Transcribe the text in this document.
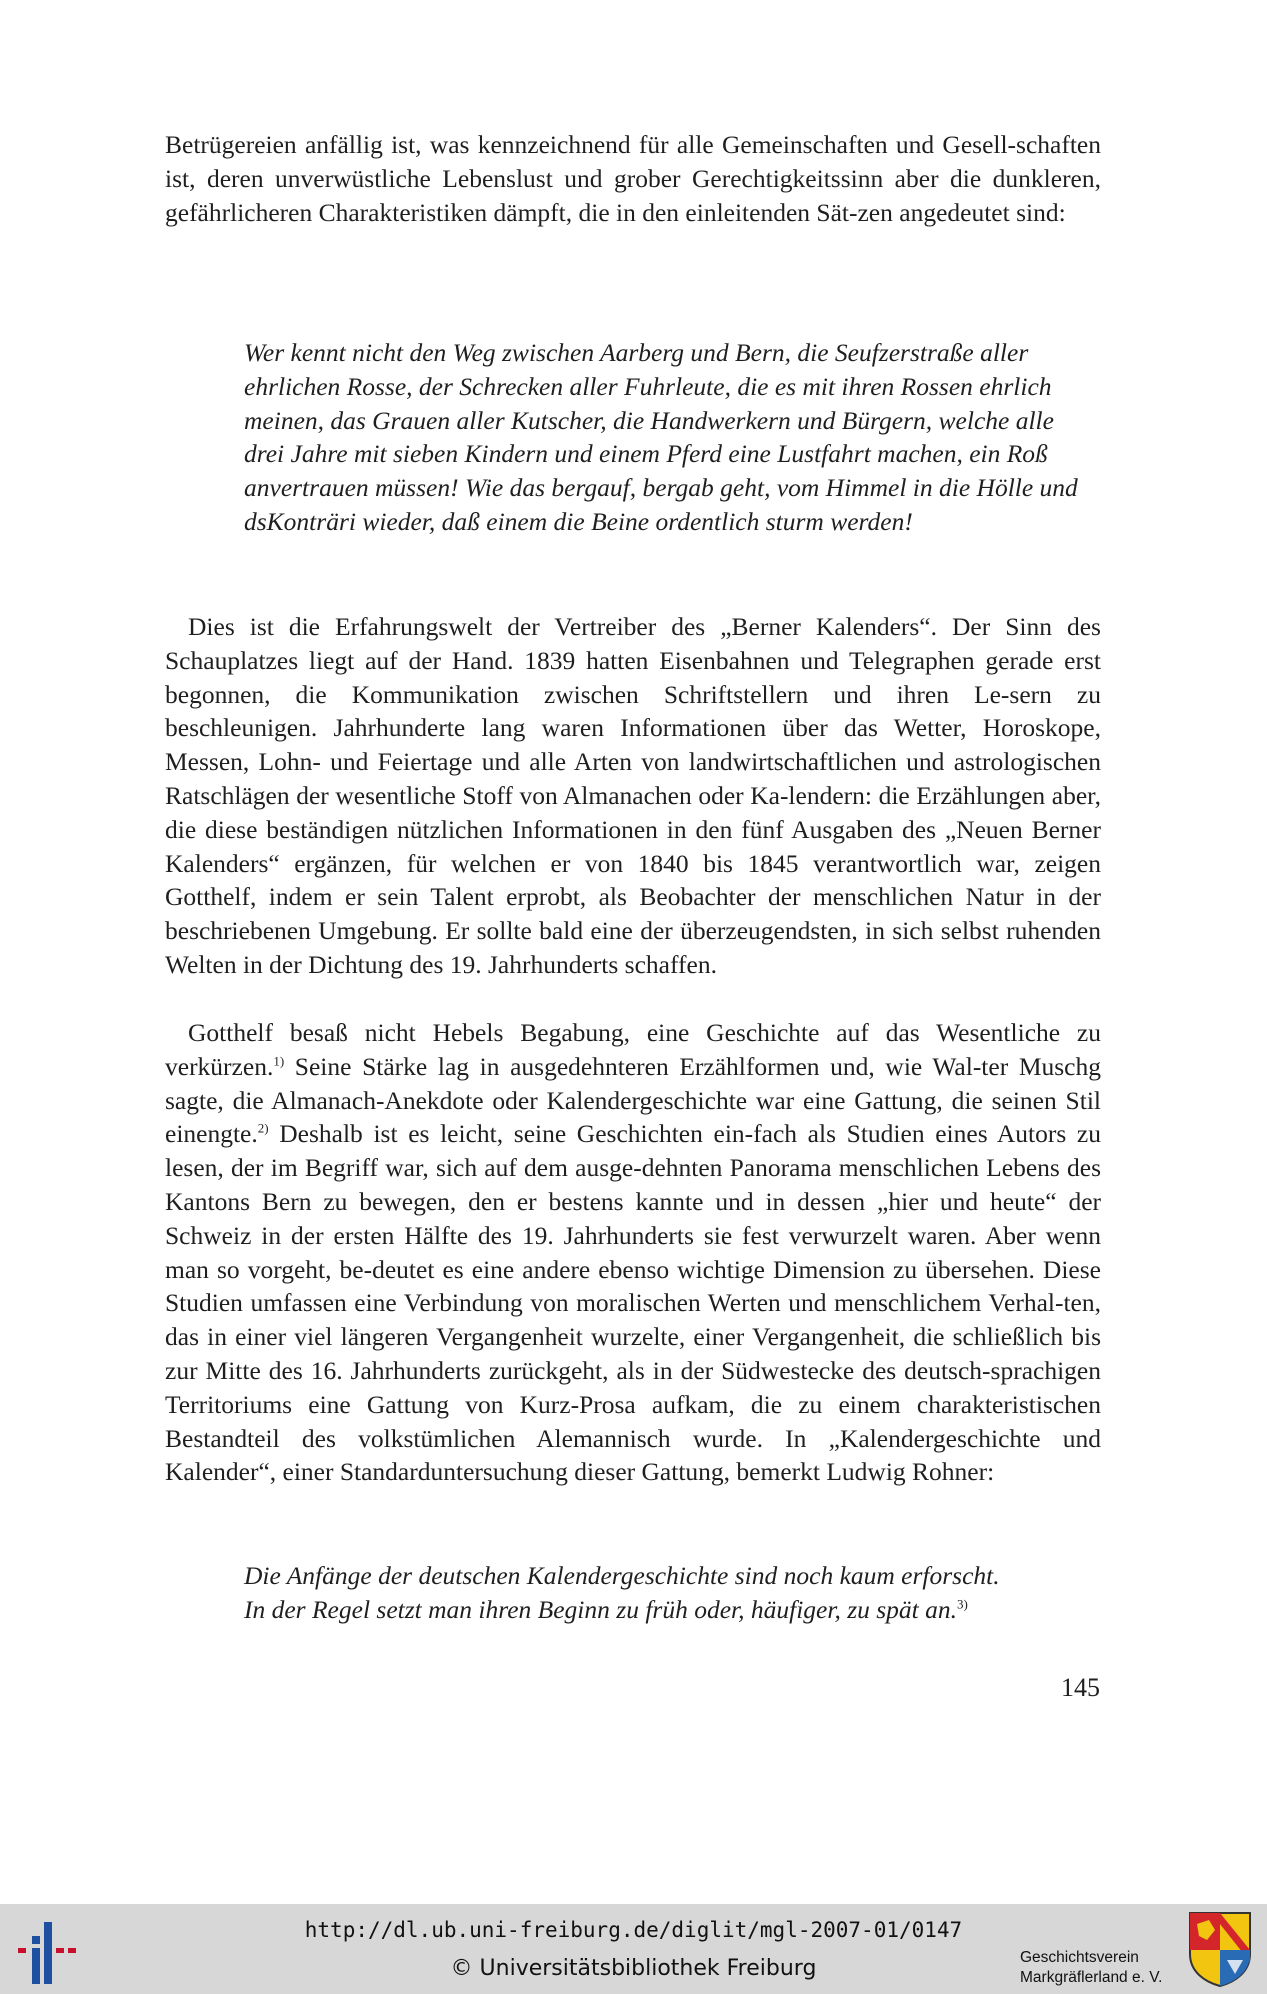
Betrügereien anfällig ist, was kennzeichnend für alle Gemeinschaften und Gesell-schaften ist, deren unverwüstliche Lebenslust und grober Gerechtigkeitssinn aber die dunkleren, gefährlicheren Charakteristiken dämpft, die in den einleitenden Sät-zen angedeutet sind:

Wer kennt nicht den Weg zwischen Aarberg und Bern, die Seufzerstraße aller ehrlichen Rosse, der Schrecken aller Fuhrleute, die es mit ihren Rossen ehrlich meinen, das Grauen aller Kutscher, die Handwerkern und Bürgern, welche alle drei Jahre mit sieben Kindern und einem Pferd eine Lustfahrt machen, ein Roß anvertrauen müssen! Wie das bergauf, bergab geht, vom Himmel in die Hölle und dsKonträri wieder, daß einem die Beine ordentlich sturm werden!

Dies ist die Erfahrungswelt der Vertreiber des „Berner Kalenders“. Der Sinn des Schauplatzes liegt auf der Hand. 1839 hatten Eisenbahnen und Telegraphen gerade erst begonnen, die Kommunikation zwischen Schriftstellern und ihren Le-sern zu beschleunigen. Jahrhunderte lang waren Informationen über das Wetter, Horoskope, Messen, Lohn- und Feiertage und alle Arten von landwirtschaftlichen und astrologischen Ratschlägen der wesentliche Stoff von Almanachen oder Ka-lendern: die Erzählungen aber, die diese beständigen nützlichen Informationen in den fünf Ausgaben des „Neuen Berner Kalenders“ ergänzen, für welchen er von 1840 bis 1845 verantwortlich war, zeigen Gotthelf, indem er sein Talent erprobt, als Beobachter der menschlichen Natur in der beschriebenen Umgebung. Er sollte bald eine der überzeugendsten, in sich selbst ruhenden Welten in der Dichtung des 19. Jahrhunderts schaffen.

Gotthelf besaß nicht Hebels Begabung, eine Geschichte auf das Wesentliche zu verkürzen.$^{1)}$ Seine Stärke lag in ausgedehnteren Erzählformen und, wie Wal-ter Muschg sagte, die Almanach-Anekdote oder Kalendergeschichte war eine Gattung, die seinen Stil einengte.$^{2)}$ Deshalb ist es leicht, seine Geschichten ein-fach als Studien eines Autors zu lesen, der im Begriff war, sich auf dem ausge-dehnten Panorama menschlichen Lebens des Kantons Bern zu bewegen, den er bestens kannte und in dessen „hier und heute“ der Schweiz in der ersten Hälfte des 19. Jahrhunderts sie fest verwurzelt waren. Aber wenn man so vorgeht, be-deutet es eine andere ebenso wichtige Dimension zu übersehen. Diese Studien umfassen eine Verbindung von moralischen Werten und menschlichem Verhal-ten, das in einer viel längeren Vergangenheit wurzelte, einer Vergangenheit, die schließlich bis zur Mitte des 16. Jahrhunderts zurückgeht, als in der Südwestecke des deutsch-sprachigen Territoriums eine Gattung von Kurz-Prosa aufkam, die zu einem charakteristischen Bestandteil des volkstümlichen Alemannisch wurde. In „Kalendergeschichte und Kalender“, einer Standarduntersuchung dieser Gattung, bemerkt Ludwig Rohner:

Die Anfänge der deutschen Kalendergeschichte sind noch kaum erforscht.

In der Regel setzt man ihren Beginn zu früh oder, häufiger, zu spät an.$^{3)}$

145
http://dl.ub.uni-freiburg.de/diglit/mgl-2007-01/0147
© Universitätsbibliothek Freiburg	Geschichtsverein
Markgräflerland e. V.
